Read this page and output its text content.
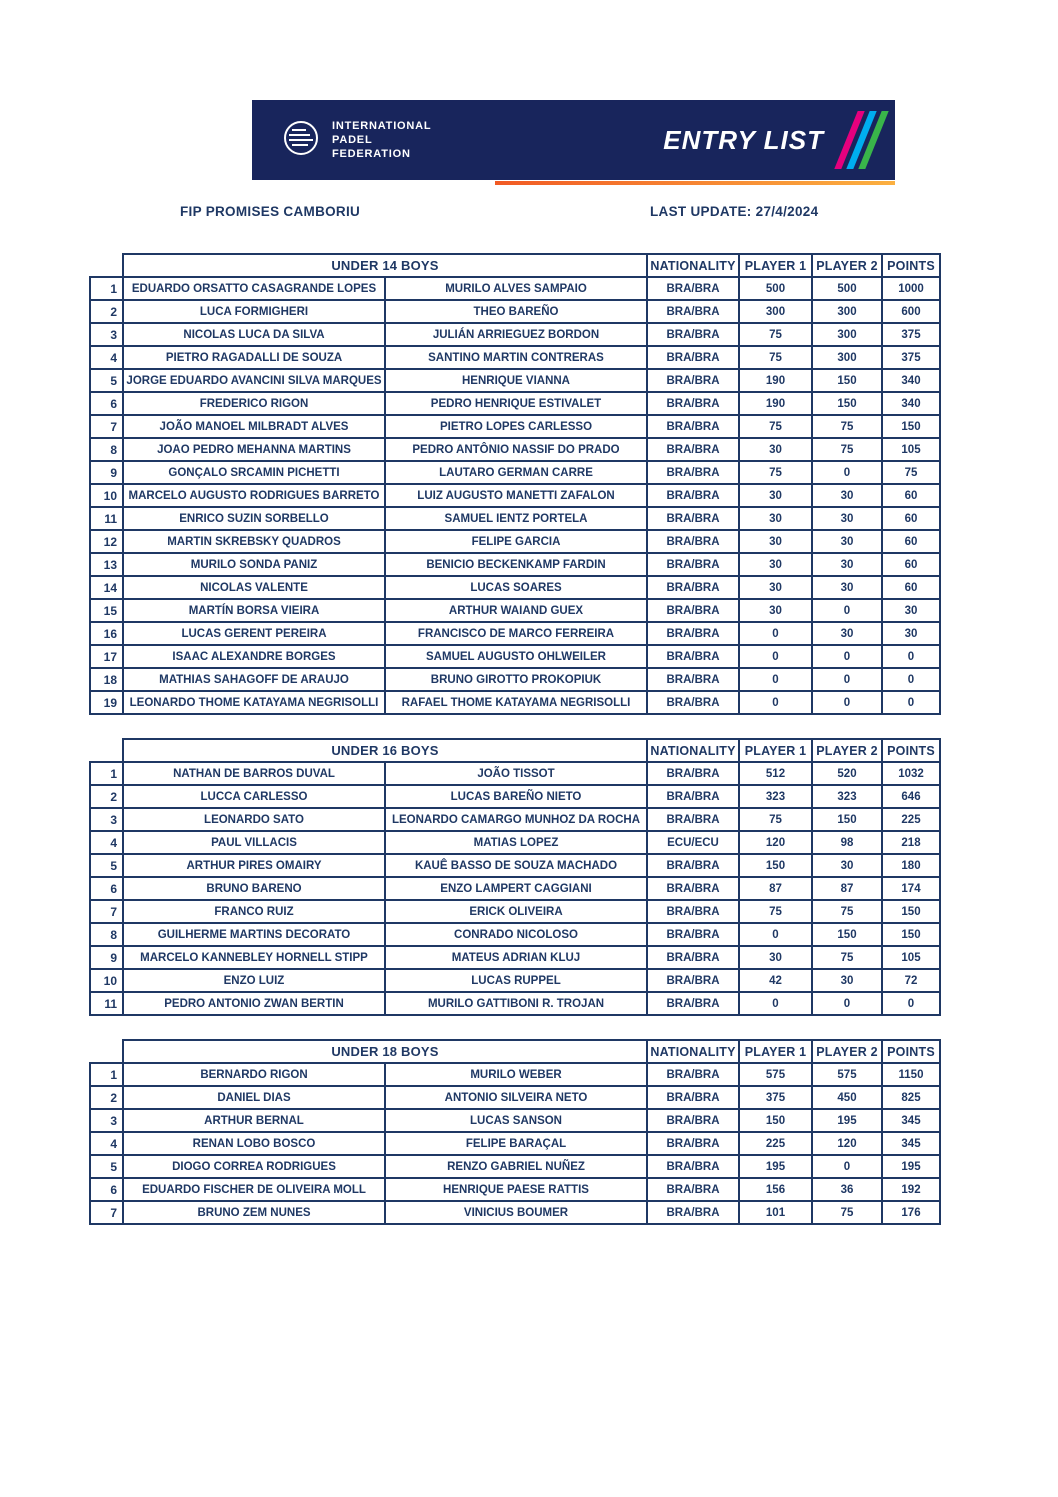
INTERNATIONAL
PADEL
FEDERATION	ENTRY LIST
FIP PROMISES CAMBORIU	LAST UPDATE: 27/4/2024
	UNDER 14 BOYS		NATIONALITY	PLAYER 1	PLAYER 2	POINTS
1	EDUARDO ORSATTO CASAGRANDE LOPES	MURILO ALVES SAMPAIO	BRA/BRA	500	500	1000
2	LUCA FORMIGHERI	THEO BAREÑO	BRA/BRA	300	300	600
3	NICOLAS LUCA DA SILVA	JULIÁN ARRIEGUEZ BORDON	BRA/BRA	75	300	375
4	PIETRO RAGADALLI DE SOUZA	SANTINO MARTIN CONTRERAS	BRA/BRA	75	300	375
5	JORGE EDUARDO AVANCINI SILVA MARQUES	HENRIQUE VIANNA	BRA/BRA	190	150	340
6	FREDERICO RIGON	PEDRO HENRIQUE ESTIVALET	BRA/BRA	190	150	340
7	JOÃO MANOEL MILBRADT ALVES	PIETRO LOPES CARLESSO	BRA/BRA	75	75	150
8	JOAO PEDRO MEHANNA MARTINS	PEDRO ANTÔNIO NASSIF DO PRADO	BRA/BRA	30	75	105
9	GONÇALO SRCAMIN PICHETTI	LAUTARO GERMAN CARRE	BRA/BRA	75	0	75
10	MARCELO AUGUSTO RODRIGUES BARRETO	LUIZ AUGUSTO MANETTI ZAFALON	BRA/BRA	30	30	60
11	ENRICO SUZIN SORBELLO	SAMUEL IENTZ PORTELA	BRA/BRA	30	30	60
12	MARTIN SKREBSKY QUADROS	FELIPE GARCIA	BRA/BRA	30	30	60
13	MURILO SONDA PANIZ	BENICIO BECKENKAMP FARDIN	BRA/BRA	30	30	60
14	NICOLAS VALENTE	LUCAS SOARES	BRA/BRA	30	30	60
15	MARTÍN BORSA VIEIRA	ARTHUR WAIAND GUEX	BRA/BRA	30	0	30
16	LUCAS GERENT PEREIRA	FRANCISCO DE MARCO FERREIRA	BRA/BRA	0	30	30
17	ISAAC ALEXANDRE BORGES	SAMUEL AUGUSTO OHLWEILER	BRA/BRA	0	0	0
18	MATHIAS SAHAGOFF DE ARAUJO	BRUNO GIROTTO PROKOPIUK	BRA/BRA	0	0	0
19	LEONARDO THOME KATAYAMA NEGRISOLLI	RAFAEL THOME KATAYAMA NEGRISOLLI	BRA/BRA	0	0	0
	UNDER 16 BOYS		NATIONALITY	PLAYER 1	PLAYER 2	POINTS
1	NATHAN DE BARROS DUVAL	JOÃO TISSOT	BRA/BRA	512	520	1032
2	LUCCA CARLESSO	LUCAS BAREÑO NIETO	BRA/BRA	323	323	646
3	LEONARDO SATO	LEONARDO CAMARGO MUNHOZ DA ROCHA	BRA/BRA	75	150	225
4	PAUL VILLACIS	MATIAS LOPEZ	ECU/ECU	120	98	218
5	ARTHUR PIRES OMAIRY	KAUÊ BASSO DE SOUZA MACHADO	BRA/BRA	150	30	180
6	BRUNO BARENO	ENZO LAMPERT CAGGIANI	BRA/BRA	87	87	174
7	FRANCO RUIZ	ERICK OLIVEIRA	BRA/BRA	75	75	150
8	GUILHERME MARTINS DECORATO	CONRADO NICOLOSO	BRA/BRA	0	150	150
9	MARCELO KANNEBLEY HORNELL STIPP	MATEUS ADRIAN KLUJ	BRA/BRA	30	75	105
10	ENZO LUIZ	LUCAS RUPPEL	BRA/BRA	42	30	72
11	PEDRO ANTONIO ZWAN BERTIN	MURILO GATTIBONI R. TROJAN	BRA/BRA	0	0	0
	UNDER 18 BOYS		NATIONALITY	PLAYER 1	PLAYER 2	POINTS
1	BERNARDO RIGON	MURILO WEBER	BRA/BRA	575	575	1150
2	DANIEL DIAS	ANTONIO SILVEIRA NETO	BRA/BRA	375	450	825
3	ARTHUR BERNAL	LUCAS SANSON	BRA/BRA	150	195	345
4	RENAN LOBO BOSCO	FELIPE BARAÇAL	BRA/BRA	225	120	345
5	DIOGO CORREA RODRIGUES	RENZO GABRIEL NUÑEZ	BRA/BRA	195	0	195
6	EDUARDO FISCHER DE OLIVEIRA MOLL	HENRIQUE PAESE RATTIS	BRA/BRA	156	36	192
7	BRUNO ZEM NUNES	VINICIUS BOUMER	BRA/BRA	101	75	176
